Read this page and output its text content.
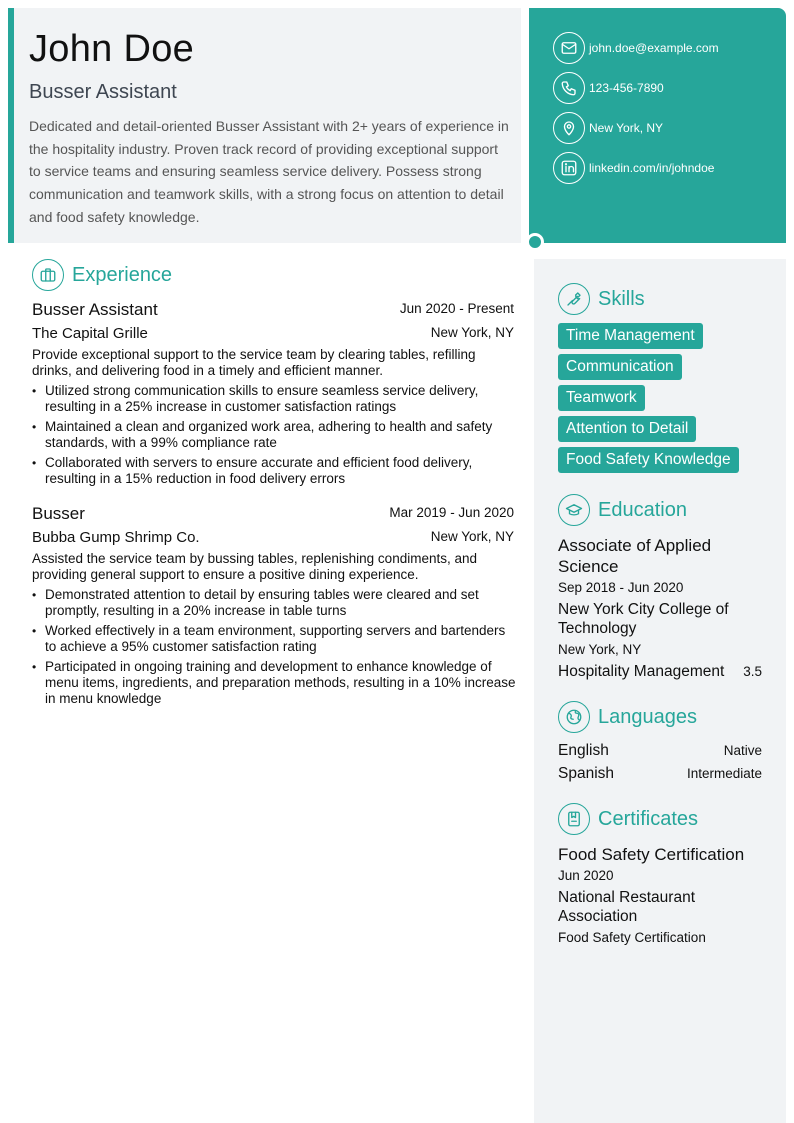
John Doe
Busser Assistant
Dedicated and detail-oriented Busser Assistant with 2+ years of experience in the hospitality industry. Proven track record of providing exceptional support to service teams and ensuring seamless service delivery. Possess strong communication and teamwork skills, with a strong focus on attention to detail and food safety knowledge.
john.doe@example.com
123-456-7890
New York, NY
linkedin.com/in/johndoe
Experience
Busser Assistant	Jun 2020 - Present
The Capital Grille	New York, NY
Provide exceptional support to the service team by clearing tables, refilling drinks, and delivering food in a timely and efficient manner.
• Utilized strong communication skills to ensure seamless service delivery, resulting in a 25% increase in customer satisfaction ratings
• Maintained a clean and organized work area, adhering to health and safety standards, with a 99% compliance rate
• Collaborated with servers to ensure accurate and efficient food delivery, resulting in a 15% reduction in food delivery errors
Busser	Mar 2019 - Jun 2020
Bubba Gump Shrimp Co.	New York, NY
Assisted the service team by bussing tables, replenishing condiments, and providing general support to ensure a positive dining experience.
• Demonstrated attention to detail by ensuring tables were cleared and set promptly, resulting in a 20% increase in table turns
• Worked effectively in a team environment, supporting servers and bartenders to achieve a 95% customer satisfaction rating
• Participated in ongoing training and development to enhance knowledge of menu items, ingredients, and preparation methods, resulting in a 10% increase in menu knowledge
Skills
Time Management
Communication
Teamwork
Attention to Detail
Food Safety Knowledge
Education
Associate of Applied Science
Sep 2018 - Jun 2020
New York City College of Technology
New York, NY
Hospitality Management 3.5
Languages
English	Native
Spanish	Intermediate
Certificates
Food Safety Certification
Jun 2020
National Restaurant Association
Food Safety Certification
